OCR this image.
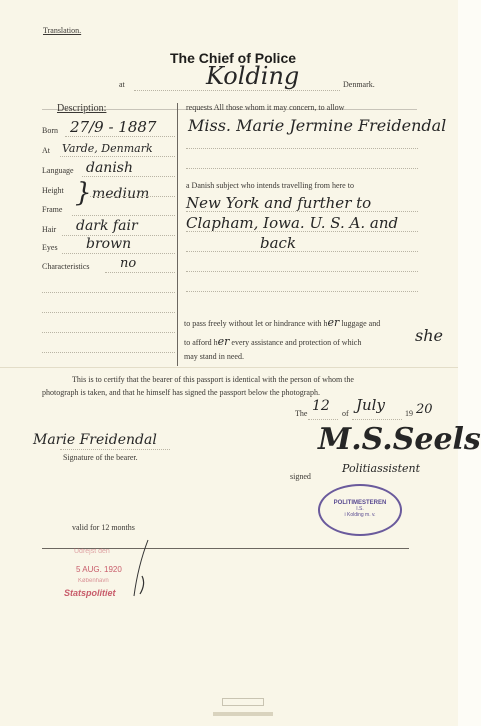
Translation.
The Chief of Police
at	Kolding	Denmark.
Description:
Born 27/9 - 1887
At Varde, Denmark
Language danish
Height } medium
Frame
Hair dark fair
Eyes brown
Characteristics no
requests All those whom it may concern, to allow
Miss. Marie Jermine Freidendal
a Danish subject who intends travelling from here to
New York and further to
Clapham, Iowa. U. S. A. and
back
to pass freely without let or hindrance with her luggage and
to afford her every assistance and protection of which	she
may stand in need.
This is to certify that the bearer of this passport is identical with the person of whom the
photograph is taken, and that he himself has signed the passport below the photograph.
The 12 of July	19 20
Marie Freidendal
Signature of the bearer.
signed
M.S.Seels
Politiassistent
POLITIMESTEREN
I.S.
i Kolding m. v.
valid for 12 months
Udrejst den
5 AUG. 1920
København
Statspolitiet
